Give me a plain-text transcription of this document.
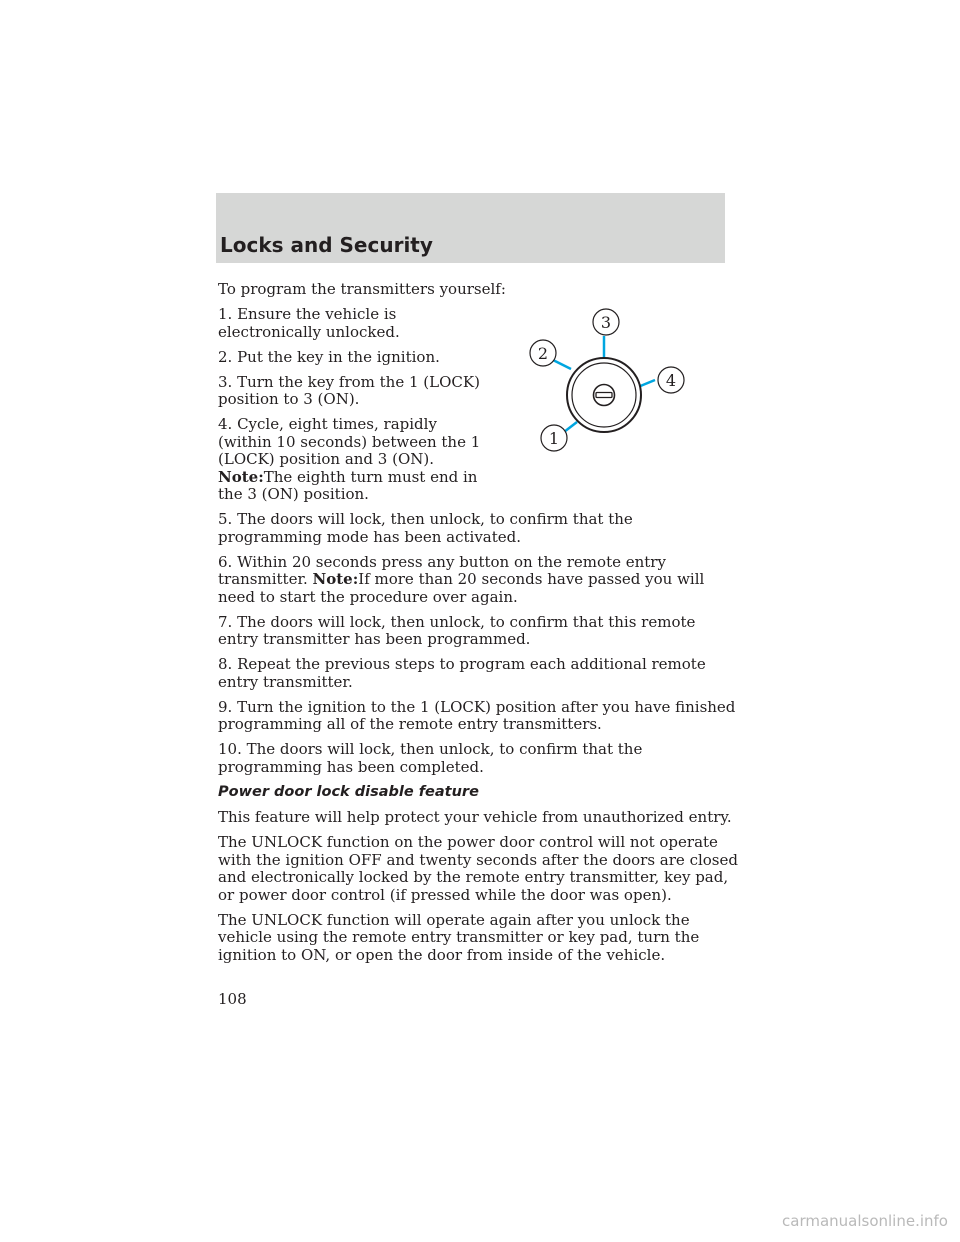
Locks and Security

To program the transmitters yourself:

1. Ensure the vehicle is electronically unlocked.

2. Put the key in the ignition.

3. Turn the key from the 1 (LOCK) position to 3 (ON).

4. Cycle, eight times, rapidly (within 10 seconds) between the 1 (LOCK) position and 3 (ON). Note:The eighth turn must end in the 3 (ON) position.

5. The doors will lock, then unlock, to confirm that the programming mode has been activated.

6. Within 20 seconds press any button on the remote entry transmitter. Note:If more than 20 seconds have passed you will need to start the procedure over again.

7. The doors will lock, then unlock, to confirm that this remote entry transmitter has been programmed.

8. Repeat the previous steps to program each additional remote entry transmitter.

9. Turn the ignition to the 1 (LOCK) position after you have finished programming all of the remote entry transmitters.

10. The doors will lock, then unlock, to confirm that the programming has been completed.

Power door lock disable feature

This feature will help protect your vehicle from unauthorized entry.

The UNLOCK function on the power door control will not operate with the ignition OFF and twenty seconds after the doors are closed and electronically locked by the remote entry transmitter, key pad, or power door control (if pressed while the door was open).

The UNLOCK function will operate again after you unlock the vehicle using the remote entry transmitter or key pad, turn the ignition to ON, or open the door from inside of the vehicle.

3
2
4
1
108
carmanualsonline.info
